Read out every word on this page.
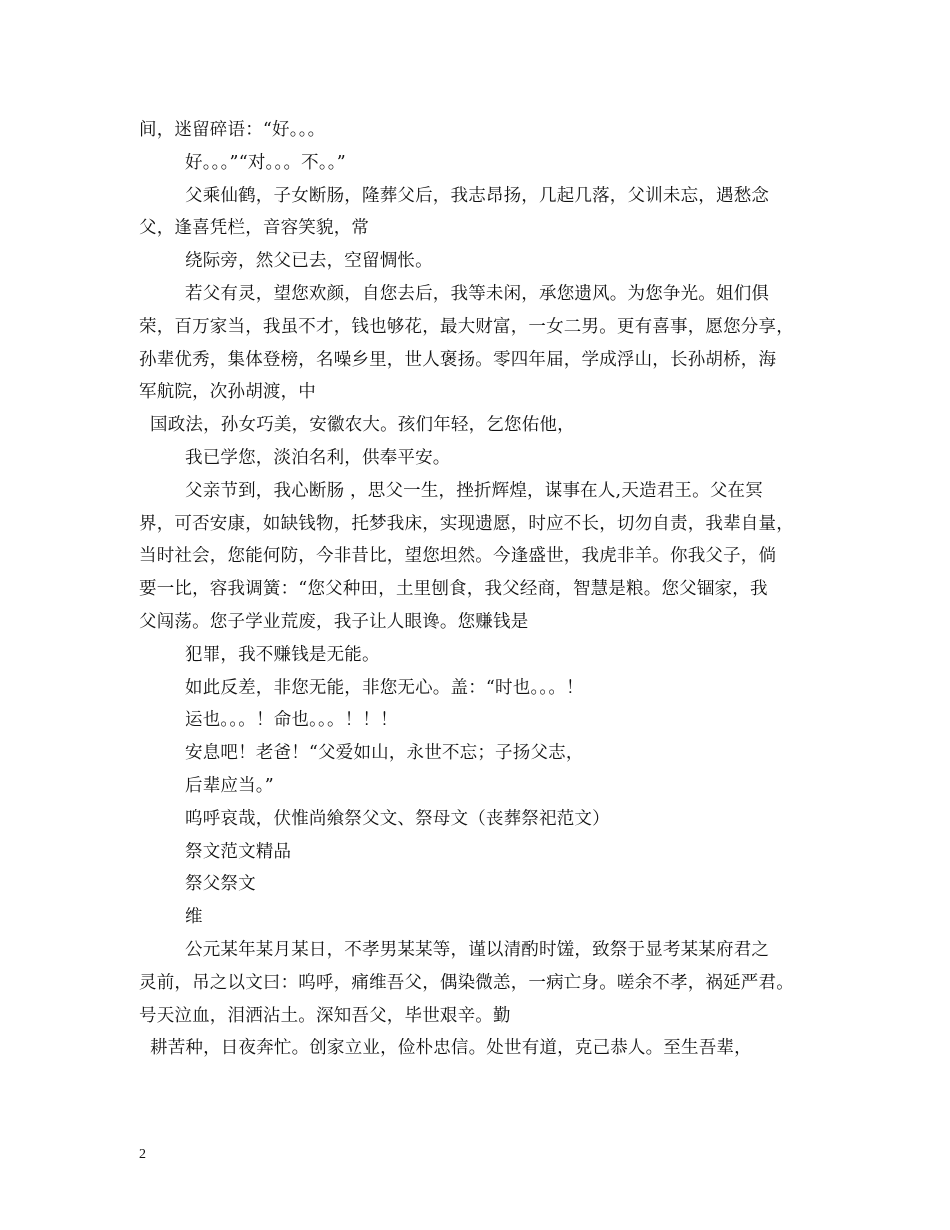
间，迷留碎语：“好。。。
好。。。”“对。。。不。。”
父乘仙鹤，子女断肠，隆葬父后，我志昂扬，几起几落，父训未忘，遇愁念
父，逢喜凭栏，音容笑貌，常
绕际旁，然父已去，空留惆怅。
若父有灵，望您欢颜，自您去后，我等未闲，承您遗风。为您争光。姐们俱
荣，百万家当，我虽不才，钱也够花，最大财富，一女二男。更有喜事，愿您分享，
孙辈优秀，集体登榜，名噪乡里，世人褒扬。零四年届，学成浮山，长孙胡桥，海
军航院，次孙胡渡，中
国政法，孙女巧美，安徽农大。孩们年轻，乞您佑他，
我已学您，淡泊名利，供奉平安。
父亲节到，我心断肠 ，思父一生，挫折辉煌，谋事在人,天造君王。父在冥
界，可否安康，如缺钱物，托梦我床，实现遗愿，时应不长，切勿自责，我辈自量，
当时社会，您能何防，今非昔比，望您坦然。今逢盛世，我虎非羊。你我父子，倘
要一比，容我调簧：“您父种田，土里刨食，我父经商，智慧是粮。您父锢家，我
父闯荡。您子学业荒废，我子让人眼谗。您赚钱是
犯罪，我不赚钱是无能。
如此反差，非您无能，非您无心。盖：“时也。。。！
运也。。。！命也。。。！！！
安息吧！老爸！“父爱如山，永世不忘；子扬父志，
后辈应当。”
呜呼哀哉，伏惟尚飨祭父文、祭母文（丧葬祭祀范文）
祭文范文精品
祭父祭文
维
公元某年某月某日，不孝男某某等，谨以清酌时馐，致祭于显考某某府君之
灵前，吊之以文曰：呜呼，痛维吾父，偶染微恙，一病亡身。嗟余不孝，祸延严君。
号天泣血，泪洒沾土。深知吾父，毕世艰辛。勤
耕苦种，日夜奔忙。创家立业，俭朴忠信。处世有道，克己恭人。至生吾辈，
2
